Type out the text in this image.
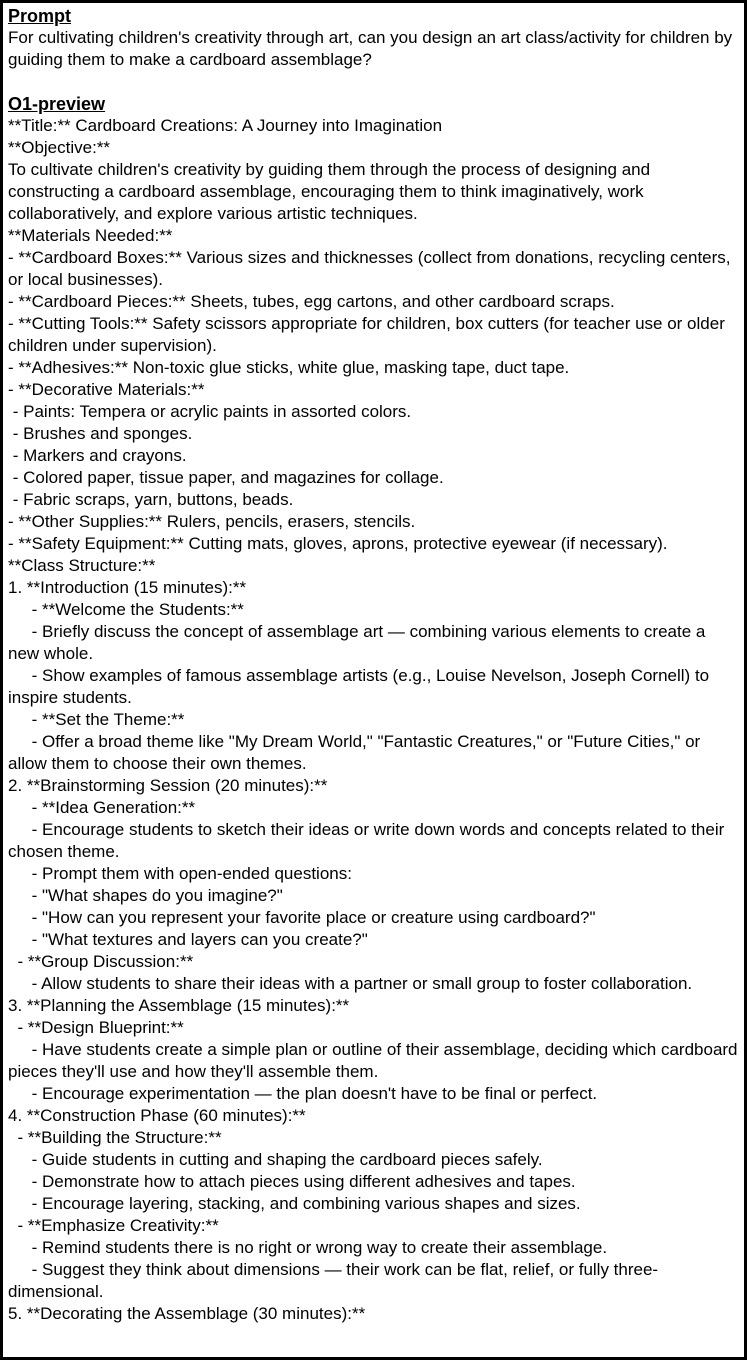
Prompt
For cultivating children's creativity through art, can you design an art class/activity for children by guiding them to make a cardboard assemblage?
O1-preview
**Title:** Cardboard Creations: A Journey into Imagination
**Objective:**
To cultivate children's creativity by guiding them through the process of designing and constructing a cardboard assemblage, encouraging them to think imaginatively, work collaboratively, and explore various artistic techniques.
**Materials Needed:**
- **Cardboard Boxes:** Various sizes and thicknesses (collect from donations, recycling centers, or local businesses).
- **Cardboard Pieces:** Sheets, tubes, egg cartons, and other cardboard scraps.
- **Cutting Tools:** Safety scissors appropriate for children, box cutters (for teacher use or older children under supervision).
- **Adhesives:** Non-toxic glue sticks, white glue, masking tape, duct tape.
- **Decorative Materials:**
- Paints: Tempera or acrylic paints in assorted colors.
- Brushes and sponges.
- Markers and crayons.
- Colored paper, tissue paper, and magazines for collage.
- Fabric scraps, yarn, buttons, beads.
- **Other Supplies:** Rulers, pencils, erasers, stencils.
- **Safety Equipment:** Cutting mats, gloves, aprons, protective eyewear (if necessary).
**Class Structure:**
1. **Introduction (15 minutes):**
- **Welcome the Students:**
- Briefly discuss the concept of assemblage art — combining various elements to create a new whole.
- Show examples of famous assemblage artists (e.g., Louise Nevelson, Joseph Cornell) to inspire students.
- **Set the Theme:**
- Offer a broad theme like "My Dream World," "Fantastic Creatures," or "Future Cities," or allow them to choose their own themes.
2. **Brainstorming Session (20 minutes):**
- **Idea Generation:**
- Encourage students to sketch their ideas or write down words and concepts related to their chosen theme.
- Prompt them with open-ended questions:
- "What shapes do you imagine?"
- "How can you represent your favorite place or creature using cardboard?"
- "What textures and layers can you create?"
- **Group Discussion:**
- Allow students to share their ideas with a partner or small group to foster collaboration.
3. **Planning the Assemblage (15 minutes):**
- **Design Blueprint:**
- Have students create a simple plan or outline of their assemblage, deciding which cardboard pieces they'll use and how they'll assemble them.
- Encourage experimentation — the plan doesn't have to be final or perfect.
4. **Construction Phase (60 minutes):**
- **Building the Structure:**
- Guide students in cutting and shaping the cardboard pieces safely.
- Demonstrate how to attach pieces using different adhesives and tapes.
- Encourage layering, stacking, and combining various shapes and sizes.
- **Emphasize Creativity:**
- Remind students there is no right or wrong way to create their assemblage.
- Suggest they think about dimensions — their work can be flat, relief, or fully three-dimensional.
5. **Decorating the Assemblage (30 minutes):**
